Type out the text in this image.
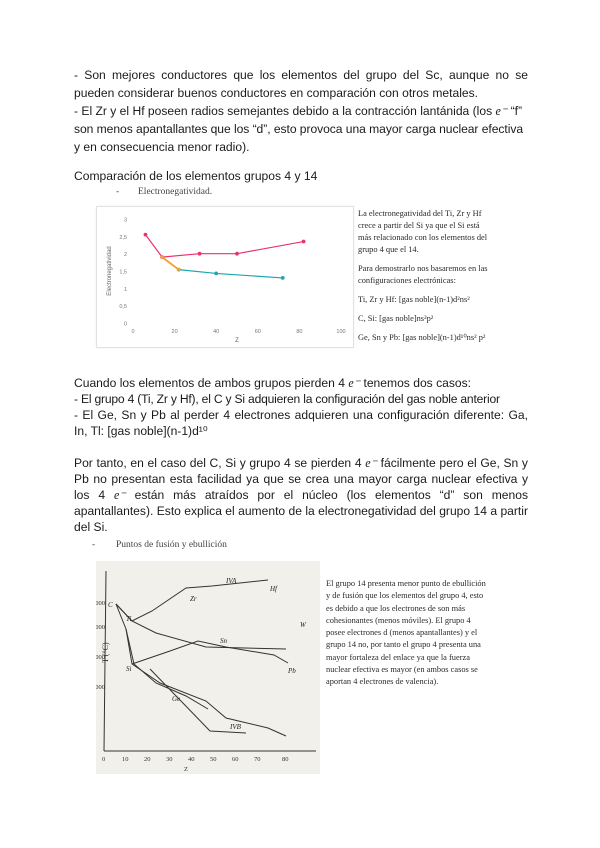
- Son mejores conductores que los elementos del grupo del Sc, aunque no se
pueden considerar buenos conductores en comparación con otros metales.
- El Zr y el Hf poseen radios semejantes debido a la contracción lantánida (los e⁻ “f”
son menos apantallantes que los “d”, esto provoca una mayor carga nuclear efectiva
y en consecuencia menor radio).
Comparación de los elementos grupos 4 y 14
- Electronegatividad.
0
0,5
1
1,5
2
2,5
3
0	20	40	60	80	100
Z
Electronegatividad
La electronegatividad del Ti, Zr y Hf
crece a partir del Si ya que el Si está
más relacionado con los elementos del
grupo 4 que el 14.
Para demostrarlo nos basaremos en las
configuraciones electrónicas:
Ti, Zr y Hf: [gas noble](n-1)d²ns²
C, Si: [gas noble]ns²p²
Ge, Sn y Pb: [gas noble](n-1)d¹⁰ns² p²
Cuando los elementos de ambos grupos pierden 4 e⁻ tenemos dos casos:
- El grupo 4 (Ti, Zr y Hf), el C y Si adquieren la configuración del gas noble anterior
- El Ge, Sn y Pb al perder 4 electrones adquieren una configuración diferente: Ga,
In, Tl: [gas noble](n-1)d¹⁰
Por tanto, en el caso del C, Si y grupo 4 se pierden 4 e⁻ fácilmente pero el Ge, Sn y
Pb no presentan esta facilidad ya que se crea una mayor carga nuclear efectiva y
los 4 e⁻ están más atraídos por el núcleo (los elementos “d” son menos
apantallantes). Esto explica el aumento de la electronegatividad del grupo 14 a partir
del Si.
- Puntos de fusión y ebullición
000
000
000
000
0	10 20 30 40 50 60 70	80
Z
C
Si
Ti
Zr
Hf
Ge
Sn
Pb
IVA
IVB
W
T (°C)
El grupo 14 presenta menor punto de ebullición
y de fusión que los elementos del grupo 4, esto
es debido a que los electrones de son más
cohesionantes (menos móviles). El grupo 4
posee electrones d (menos apantallantes) y el
grupo 14 no, por tanto el grupo 4 presenta una
mayor fortaleza del enlace ya que la fuerza
nuclear efectiva es mayor (en ambos casos se
aportan 4 electrones de valencia).
